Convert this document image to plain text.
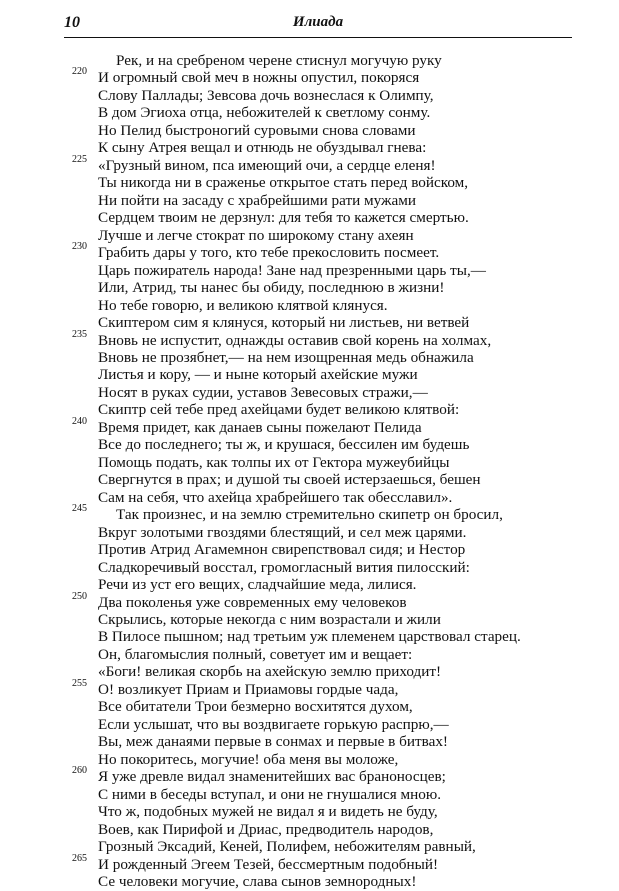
10	Илиада
Рек, и на сребреном черене стиснул могучую руку
220 И огромный свой меч в ножны опустил, покоряся
Слову Паллады; Зевсова дочь вознеслася к Олимпу,
В дом Эгиоха отца, небожителей к светлому сонму.
Но Пелид быстроногий суровыми снова словами
К сыну Атрея вещал и отнюдь не обуздывал гнева:
225 «Грузный вином, пса имеющий очи, а сердце еленя!
Ты никогда ни в сраженье открытое стать перед войском,
Ни пойти на засаду с храбрейшими рати мужами
Сердцем твоим не дерзнул: для тебя то кажется смертью.
Лучше и легче стократ по широкому стану ахеян
230 Грабить дары у того, кто тебе прекословить посмеет.
Царь пожиратель народа! Зане над презренными царь ты,—
Или, Атрид, ты нанес бы обиду, последнюю в жизни!
Но тебе говорю, и великою клятвой клянуся.
Скиптером сим я клянуся, который ни листьев, ни ветвей
235 Вновь не испустит, однажды оставив свой корень на холмах,
Вновь не прозябнет,— на нем изощренная медь обнажила
Листья и кору, — и ныне который ахейские мужи
Носят в руках судии, уставов Зевесовых стражи,—
Скиптр сей тебе пред ахейцами будет великою клятвой:
240 Время придет, как данаев сыны пожелают Пелида
Все до последнего; ты ж, и крушася, бессилен им будешь
Помощь подать, как толпы их от Гектора мужеубийцы
Свергнутся в прах; и душой ты своей истерзаешься, бешен
Сам на себя, что ахейца храбрейшего так обесславил».
245 Так произнес, и на землю стремительно скипетр он бросил,
Вкруг золотыми гвоздями блестящий, и сел меж царями.
Против Атрид Агамемнон свирепствовал сидя; и Нестор
Сладкоречивый восстал, громогласный вития пилосский:
Речи из уст его вещих, сладчайшие меда, лилися.
250 Два поколенья уже современных ему человеков
Скрылись, которые некогда с ним возрастали и жили
В Пилосе пышном; над третьим уж племенем царствовал старец.
Он, благомыслия полный, советует им и вещает:
«Боги! великая скорбь на ахейскую землю приходит!
255 О! возликует Приам и Приамовы гордые чада,
Все обитатели Трои безмерно восхитятся духом,
Если услышат, что вы воздвигаете горькую распрю,—
Вы, меж данаями первые в сонмах и первые в битвах!
Но покоритесь, могучие! оба меня вы моложе,
260 Я уже древле видал знаменитейших вас браноносцев;
С ними в беседы вступал, и они не гнушалися мною.
Что ж, подобных мужей не видал я и видеть не буду,
Воев, как Пирифой и Дриас, предводитель народов,
Грозный Эксадий, Кеней, Полифем, небожителям равный,
265 И рожденный Эгеем Тезей, бессмертным подобный!
Се человеки могучие, слава сынов земнородных!
